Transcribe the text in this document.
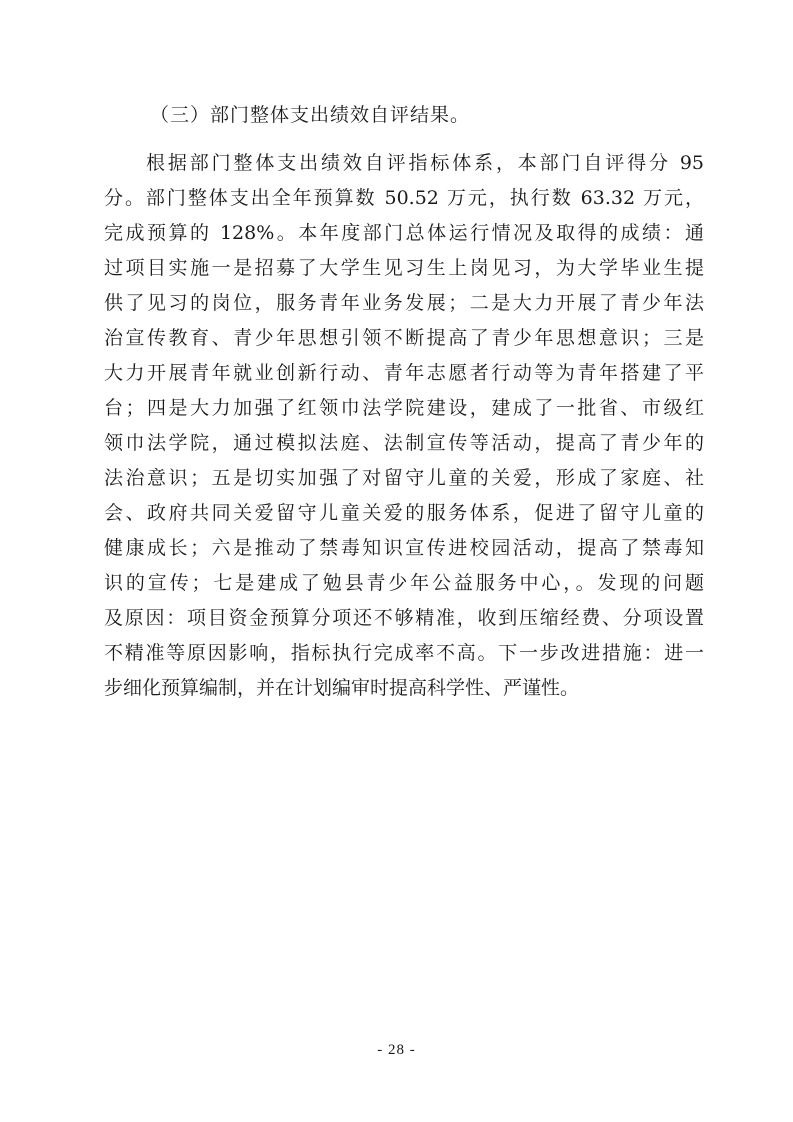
（三）部门整体支出绩效自评结果。
根据部门整体支出绩效自评指标体系，本部门自评得分 95
分。部门整体支出全年预算数 50.52 万元，执行数 63.32 万元，
完成预算的 128%。本年度部门总体运行情况及取得的成绩：通
过项目实施一是招募了大学生见习生上岗见习，为大学毕业生提
供了见习的岗位，服务青年业务发展；二是大力开展了青少年法
治宣传教育、青少年思想引领不断提高了青少年思想意识；三是
大力开展青年就业创新行动、青年志愿者行动等为青年搭建了平
台；四是大力加强了红领巾法学院建设，建成了一批省、市级红
领巾法学院，通过模拟法庭、法制宣传等活动，提高了青少年的
法治意识；五是切实加强了对留守儿童的关爱，形成了家庭、社
会、政府共同关爱留守儿童关爱的服务体系，促进了留守儿童的
健康成长；六是推动了禁毒知识宣传进校园活动，提高了禁毒知
识的宣传；七是建成了勉县青少年公益服务中心，。发现的问题
及原因：项目资金预算分项还不够精准，收到压缩经费、分项设置
不精准等原因影响，指标执行完成率不高。下一步改进措施：进一
步细化预算编制，并在计划编审时提高科学性、严谨性。
- 28 -
